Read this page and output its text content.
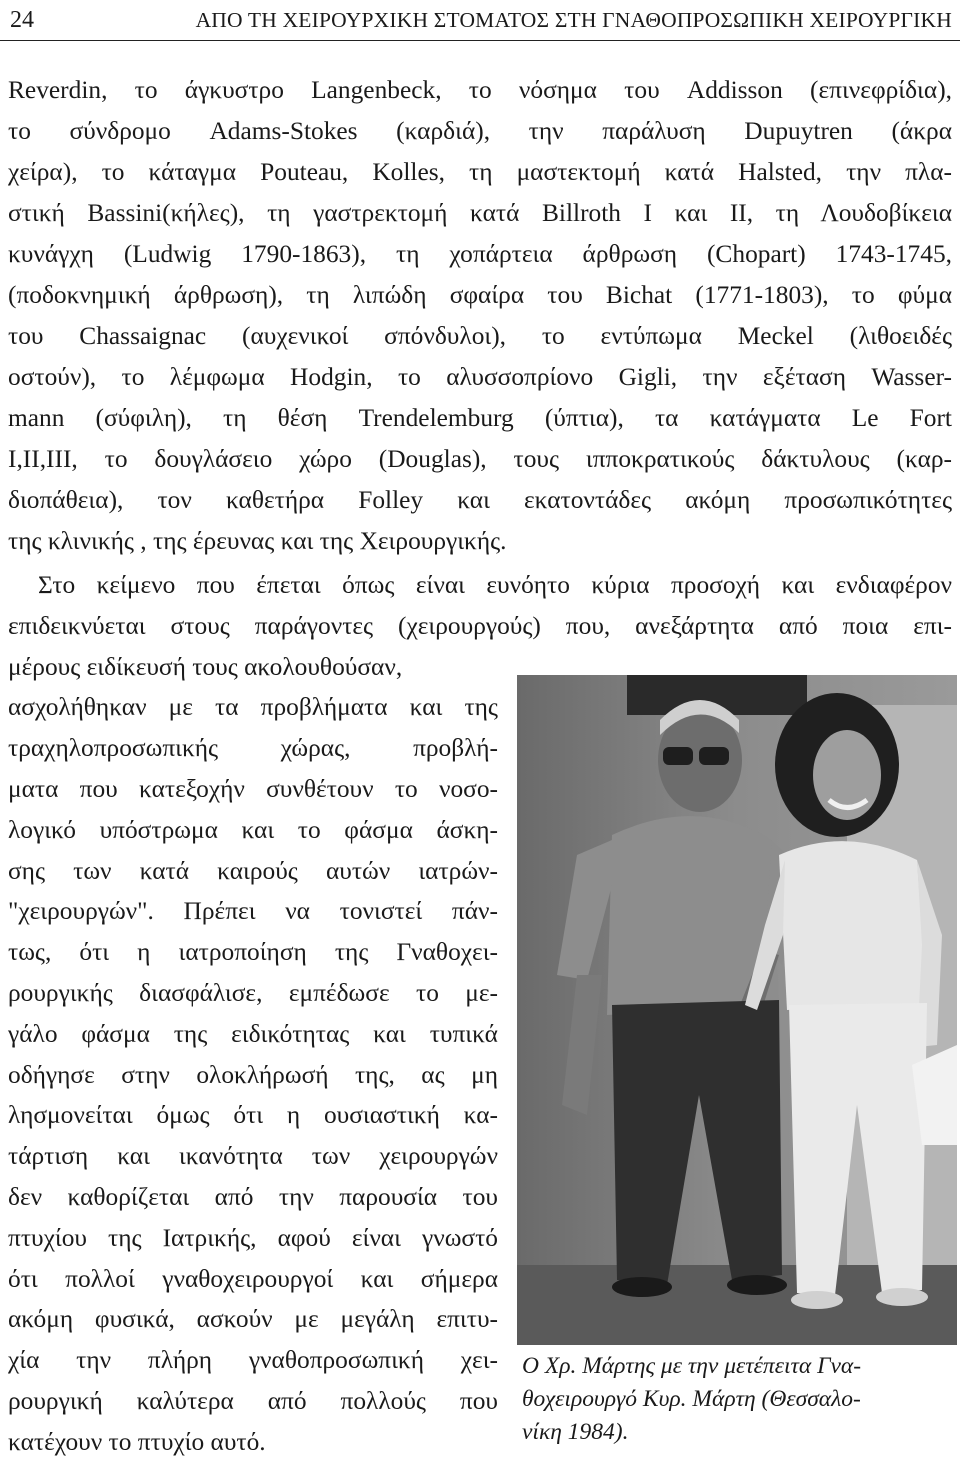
24	ΑΠΟ ΤΗ ΧΕΙΡΟΥΡΧΙΚΗ ΣΤΟΜΑΤΟΣ ΣΤΗ ΓΝΑΘΟΠΡΟΣΩΠΙΚΗ ΧΕΙΡΟΥΡΓΙΚΗ
Reverdin, το άγκυστρο Langenbeck, το νόσημα του Addisson (επινεφρίδια),
το σύνδρομο Adams-Stokes (καρδιά), την παράλυση Dupuytren (άκρα
χείρα), το κάταγμα Pouteau, Kolles, τη μαστεκτομή κατά Halsted, την πλα-
στική Bassini(κήλες), τη γαστρεκτομή κατά Billroth I και II, τη Λουδοβίκεια
κυνάγχη (Ludwig 1790-1863), τη χοπάρτεια άρθρωση (Chopart) 1743-1745,
(ποδοκνημική άρθρωση), τη λιπώδη σφαίρα του Bichat (1771-1803), το φύμα
του Chassaignac (αυχενικοί σπόνδυλοι), το εντύπωμα Meckel (λιθοειδές
οστούν), το λέμφωμα Hodgin, το αλυσσοπρίονο Gigli, την εξέταση Wasser-
mann (σύφιλη), τη θέση Trendelemburg (ύπτια), τα κατάγματα Le Fort
I,II,III, το δουγλάσειο χώρο (Douglas), τους ιπποκρατικούς δάκτυλους (καρ-
διοπάθεια), τον καθετήρα Folley και εκατοντάδες ακόμη προσωπικότητες
της κλινικής , της έρευνας και της Χειρουργικής.
Στο κείμενο που έπεται όπως είναι ευνόητο κύρια προσοχή και ενδιαφέρον
επιδεικνύεται στους παράγοντες (χειρουργούς) που, ανεξάρτητα από ποια επι-
μέρους ειδίκευσή τους ακολουθούσαν,
ασχολήθηκαν με τα προβλήματα και της
τραχηλοπροσωπικής χώρας, προβλή-
ματα που κατεξοχήν συνθέτουν το νοσο-
λογικό υπόστρωμα και το φάσμα άσκη-
σης των κατά καιρούς αυτών ιατρών-
"χειρουργών". Πρέπει να τονιστεί πάν-
τως, ότι η ιατροποίηση της Γναθοχει-
ρουργικής διασφάλισε, εμπέδωσε το με-
γάλο φάσμα της ειδικότητας και τυπικά
οδήγησε στην ολοκλήρωσή της, ας μη
λησμονείται όμως ότι η ουσιαστική κα-
τάρτιση και ικανότητα των χειρουργών
δεν καθορίζεται από την παρουσία του
πτυχίου της Ιατρικής, αφού είναι γνωστό
ότι πολλοί γναθοχειρουργοί και σήμερα
ακόμη φυσικά, ασκούν με μεγάλη επιτυ-
χία την πλήρη γναθοπροσωπική χει-
ρουργική καλύτερα από πολλούς που
κατέχουν το πτυχίο αυτό.
Ο Χρ. Μάρτης με την μετέπειτα Γνα-
θοχειρουργό Κυρ. Μάρτη (Θεσσαλο-
νίκη 1984).
